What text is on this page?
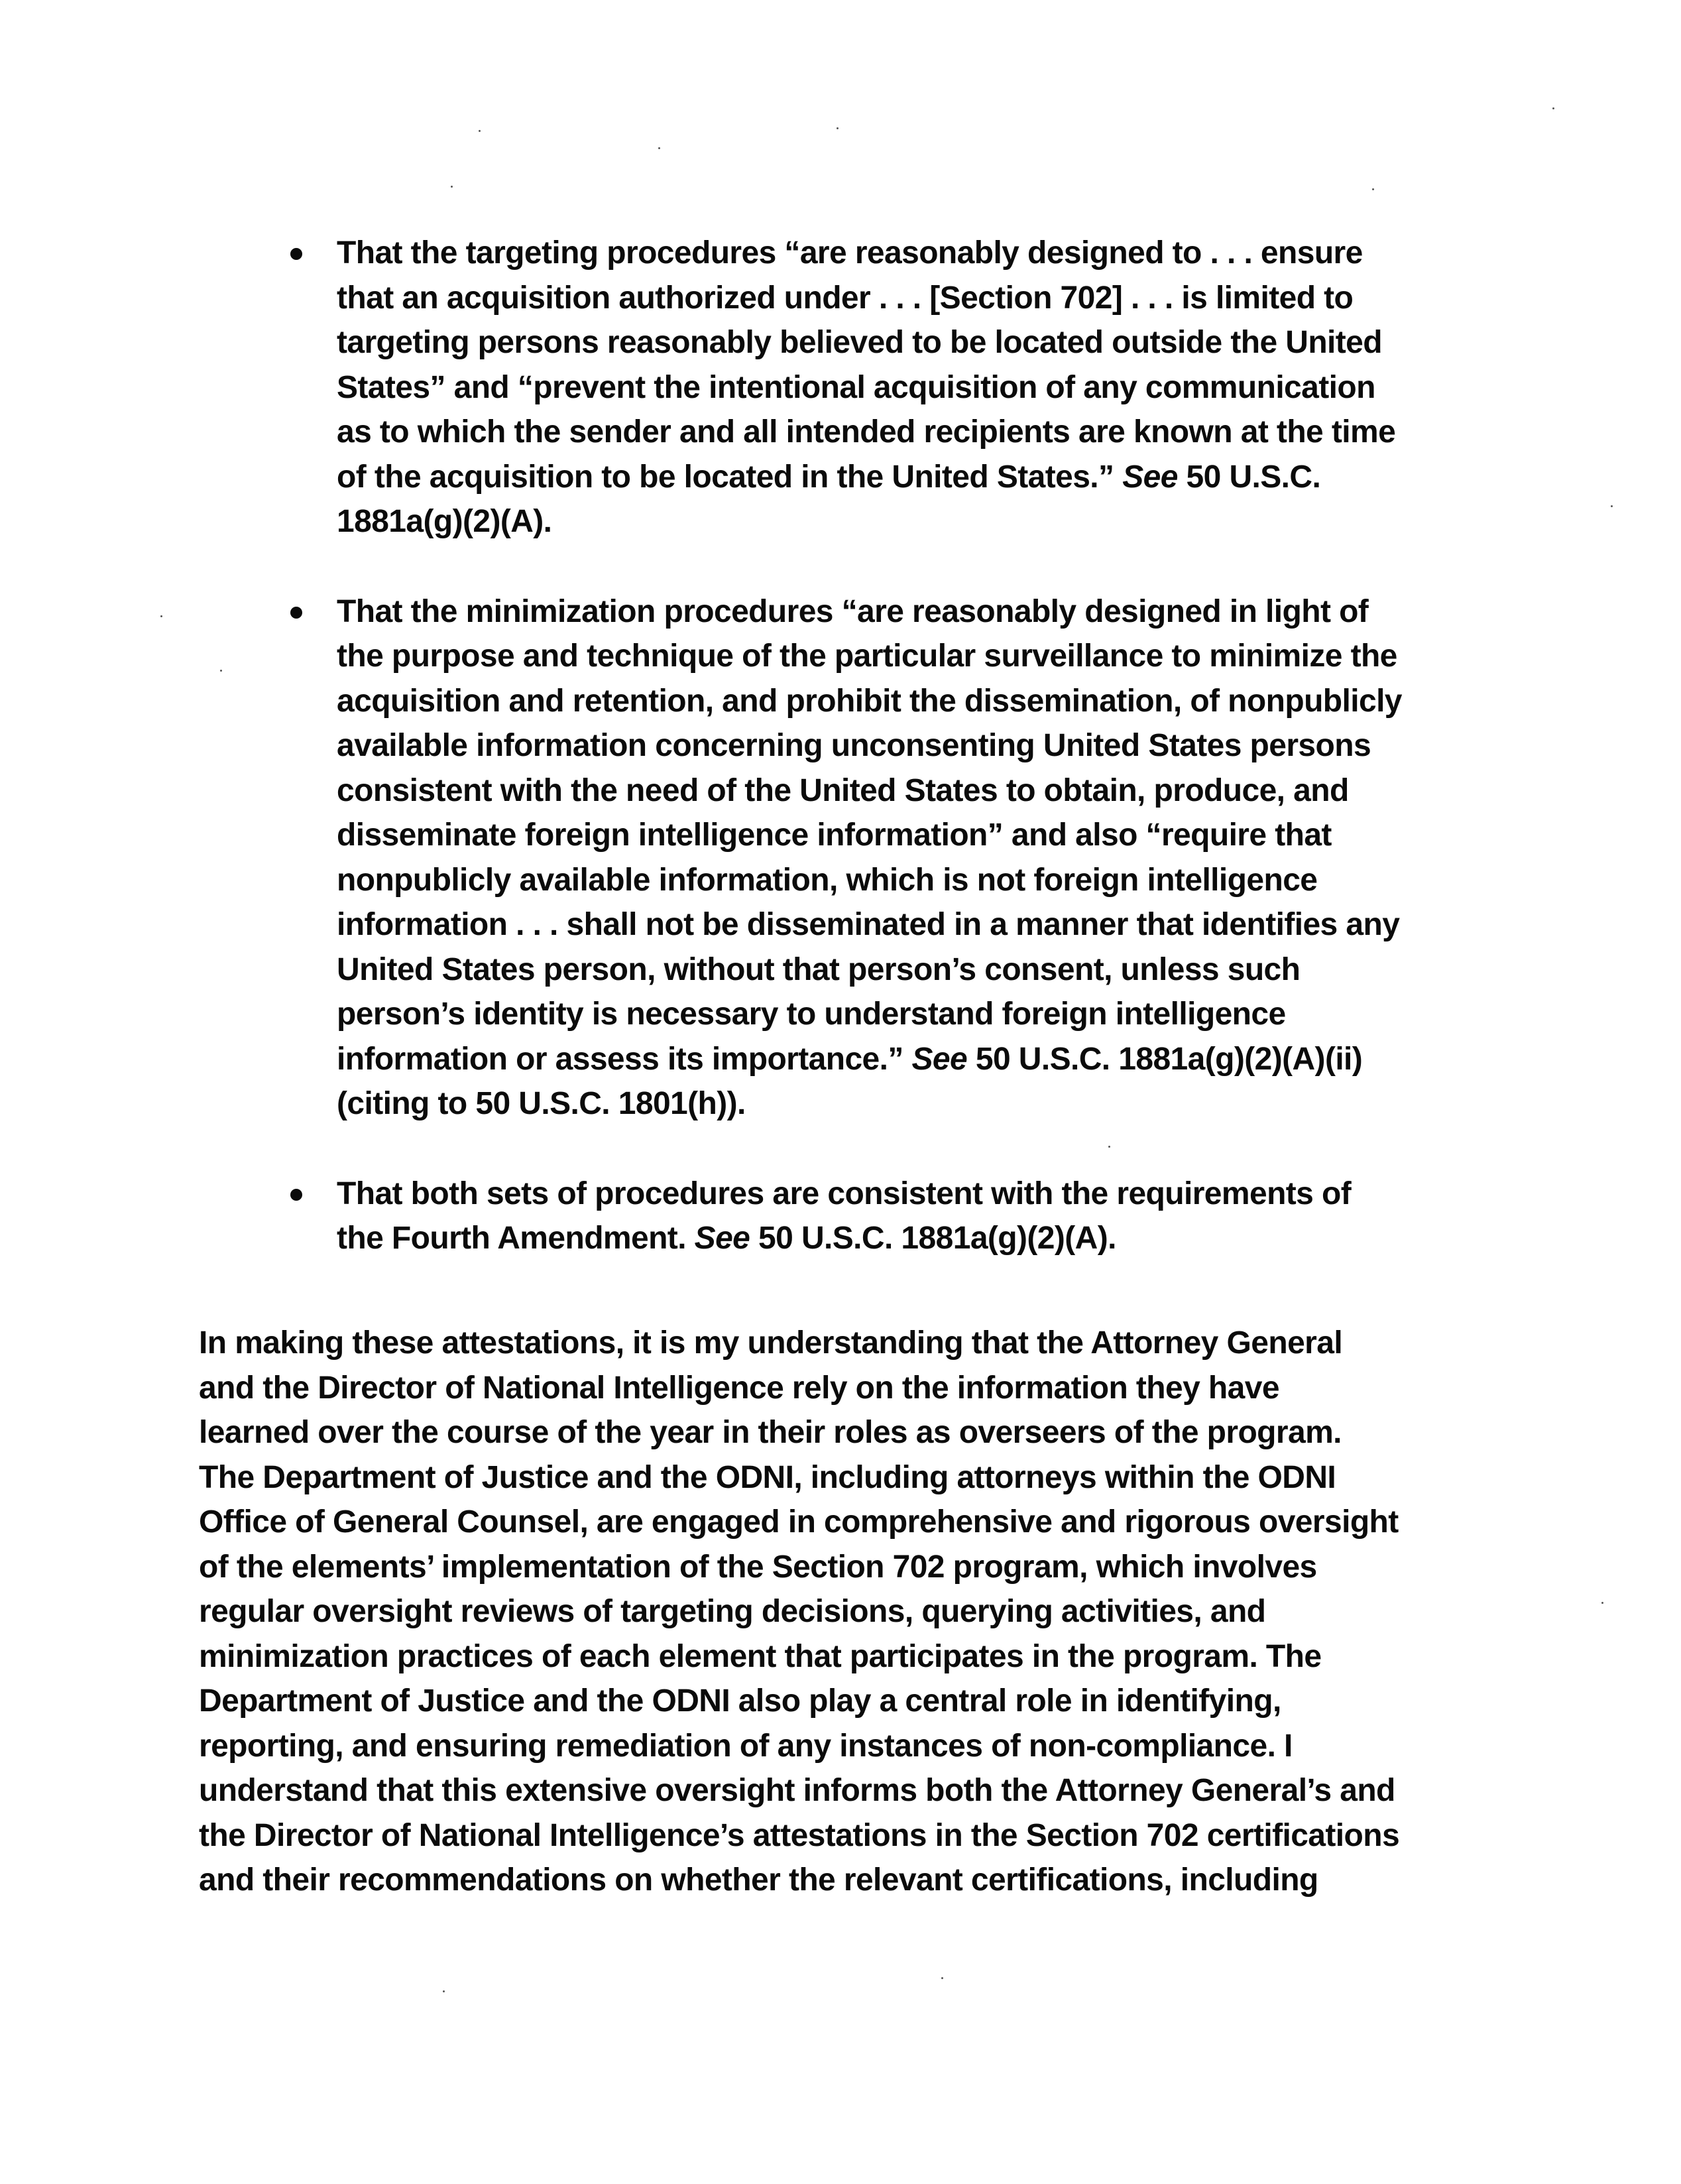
That the targeting procedures “are reasonably designed to . . . ensure
that an acquisition authorized under . . . [Section 702] . . . is limited to
targeting persons reasonably believed to be located outside the United
States” and “prevent the intentional acquisition of any communication
as to which the sender and all intended recipients are known at the time
of the acquisition to be located in the United States.” See 50 U.S.C.
1881a(g)(2)(A).
That the minimization procedures “are reasonably designed in light of
the purpose and technique of the particular surveillance to minimize the
acquisition and retention, and prohibit the dissemination, of nonpublicly
available information concerning unconsenting United States persons
consistent with the need of the United States to obtain, produce, and
disseminate foreign intelligence information” and also “require that
nonpublicly available information, which is not foreign intelligence
information . . . shall not be disseminated in a manner that identifies any
United States person, without that person’s consent, unless such
person’s identity is necessary to understand foreign intelligence
information or assess its importance.” See 50 U.S.C. 1881a(g)(2)(A)(ii)
(citing to 50 U.S.C. 1801(h)).
That both sets of procedures are consistent with the requirements of
the Fourth Amendment. See 50 U.S.C. 1881a(g)(2)(A).

In making these attestations, it is my understanding that the Attorney General
and the Director of National Intelligence rely on the information they have
learned over the course of the year in their roles as overseers of the program.
The Department of Justice and the ODNI, including attorneys within the ODNI
Office of General Counsel, are engaged in comprehensive and rigorous oversight
of the elements’ implementation of the Section 702 program, which involves
regular oversight reviews of targeting decisions, querying activities, and
minimization practices of each element that participates in the program. The
Department of Justice and the ODNI also play a central role in identifying,
reporting, and ensuring remediation of any instances of non-compliance. I
understand that this extensive oversight informs both the Attorney General’s and
the Director of National Intelligence’s attestations in the Section 702 certifications
and their recommendations on whether the relevant certifications, including
